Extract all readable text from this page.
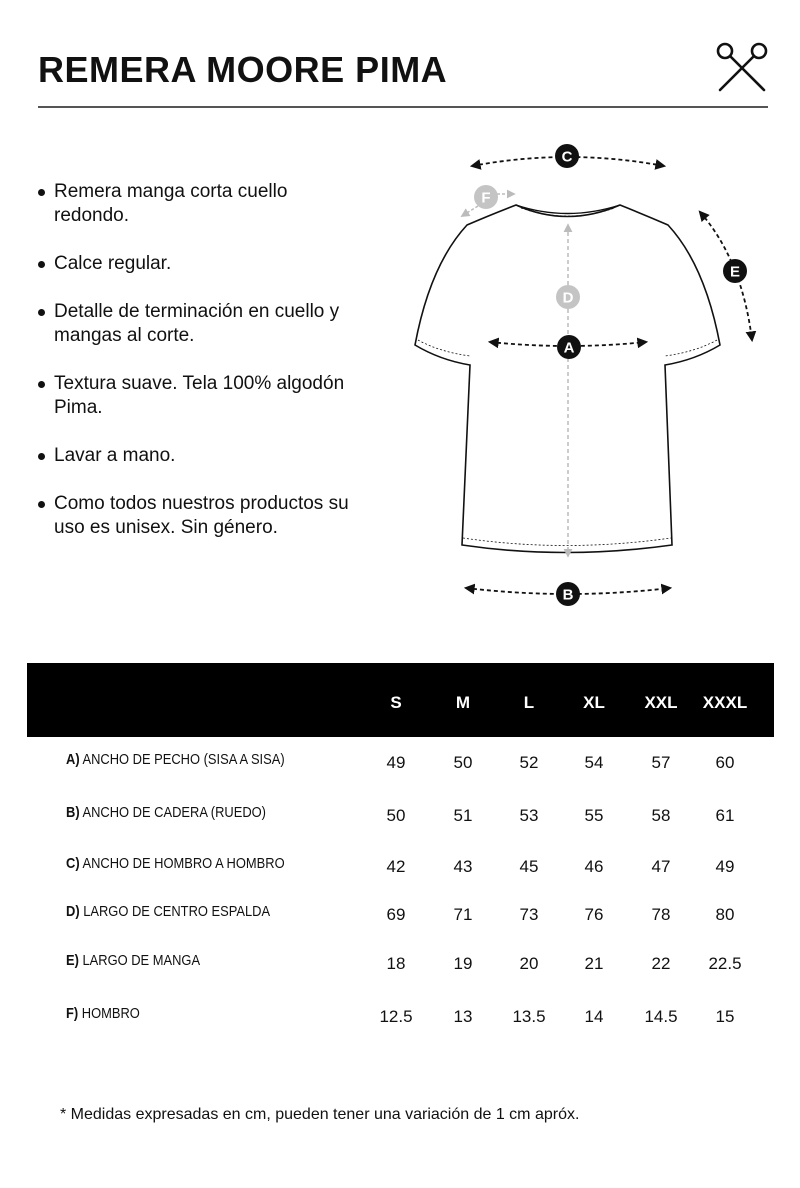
REMERA MOORE PIMA
Remera manga corta cuello redondo.
Calce regular.
Detalle de terminación en cuello y mangas al corte.
Textura suave. Tela 100% algodón Pima.
Lavar a mano.
Como todos nuestros productos su uso es unisex. Sin género.
C
F
E
D
A
B
S	M	L	XL	XXL	XXXL
A) ANCHO DE PECHO (SISA A SISA)	49	50	52	54	57	60
B) ANCHO DE CADERA (RUEDO)	50	51	53	55	58	61
C) ANCHO DE HOMBRO A HOMBRO	42	43	45	46	47	49
D) LARGO DE CENTRO ESPALDA	69	71	73	76	78	80
E) LARGO DE MANGA	18	19	20	21	22	22.5
F) HOMBRO	12.5	13	13.5	14	14.5	15
* Medidas expresadas en cm, pueden tener una variación de 1 cm apróx.
